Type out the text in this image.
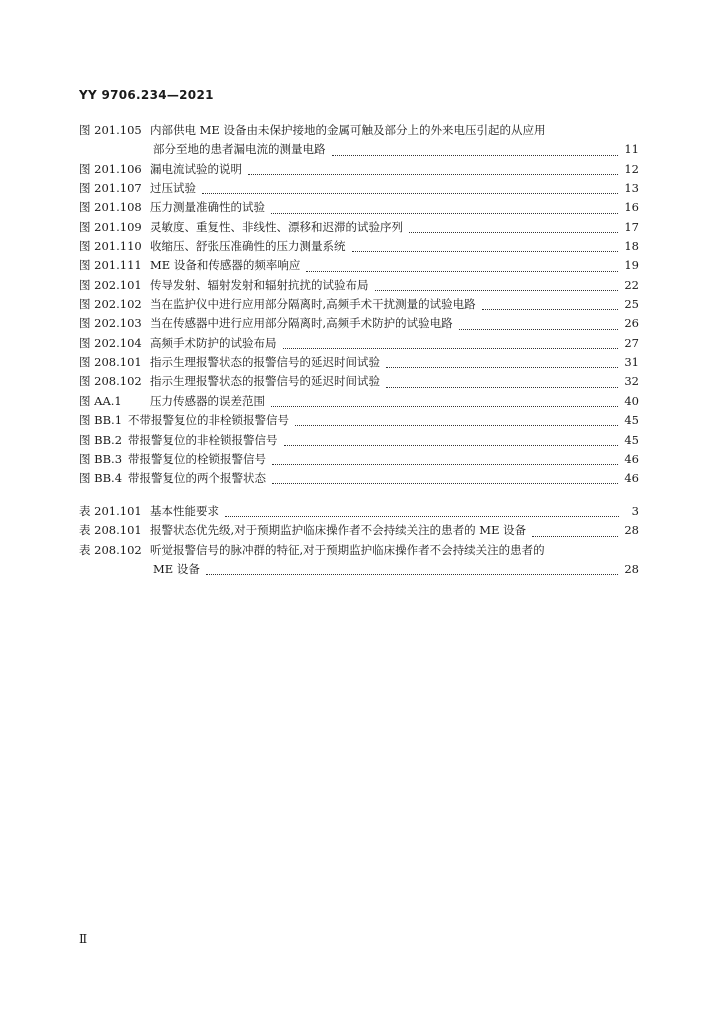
YY 9706.234—2021
图 201.105 内部供电 ME 设备由未保护接地的金属可触及部分上的外来电压引起的从应用
部分至地的患者漏电流的测量电路	11
图 201.106 漏电流试验的说明	12
图 201.107 过压试验	13
图 201.108 压力测量准确性的试验	16
图 201.109 灵敏度、重复性、非线性、漂移和迟滞的试验序列	17
图 201.110 收缩压、舒张压准确性的压力测量系统	18
图 201.111 ME 设备和传感器的频率响应	19
图 202.101 传导发射、辐射发射和辐射抗扰的试验布局	22
图 202.102 当在监护仪中进行应用部分隔离时,高频手术干扰测量的试验电路	25
图 202.103 当在传感器中进行应用部分隔离时,高频手术防护的试验电路	26
图 202.104 高频手术防护的试验布局	27
图 208.101 指示生理报警状态的报警信号的延迟时间试验	31
图 208.102 指示生理报警状态的报警信号的延迟时间试验	32
图 AA.1	压力传感器的误差范围	40
图 BB.1 不带报警复位的非栓锁报警信号	45
图 BB.2 带报警复位的非栓锁报警信号	45
图 BB.3 带报警复位的栓锁报警信号	46
图 BB.4 带报警复位的两个报警状态	46
表 201.101 基本性能要求	3
表 208.101 报警状态优先级,对于预期监护临床操作者不会持续关注的患者的 ME 设备	28
表 208.102 听觉报警信号的脉冲群的特征,对于预期监护临床操作者不会持续关注的患者的
ME 设备	28
Ⅱ
